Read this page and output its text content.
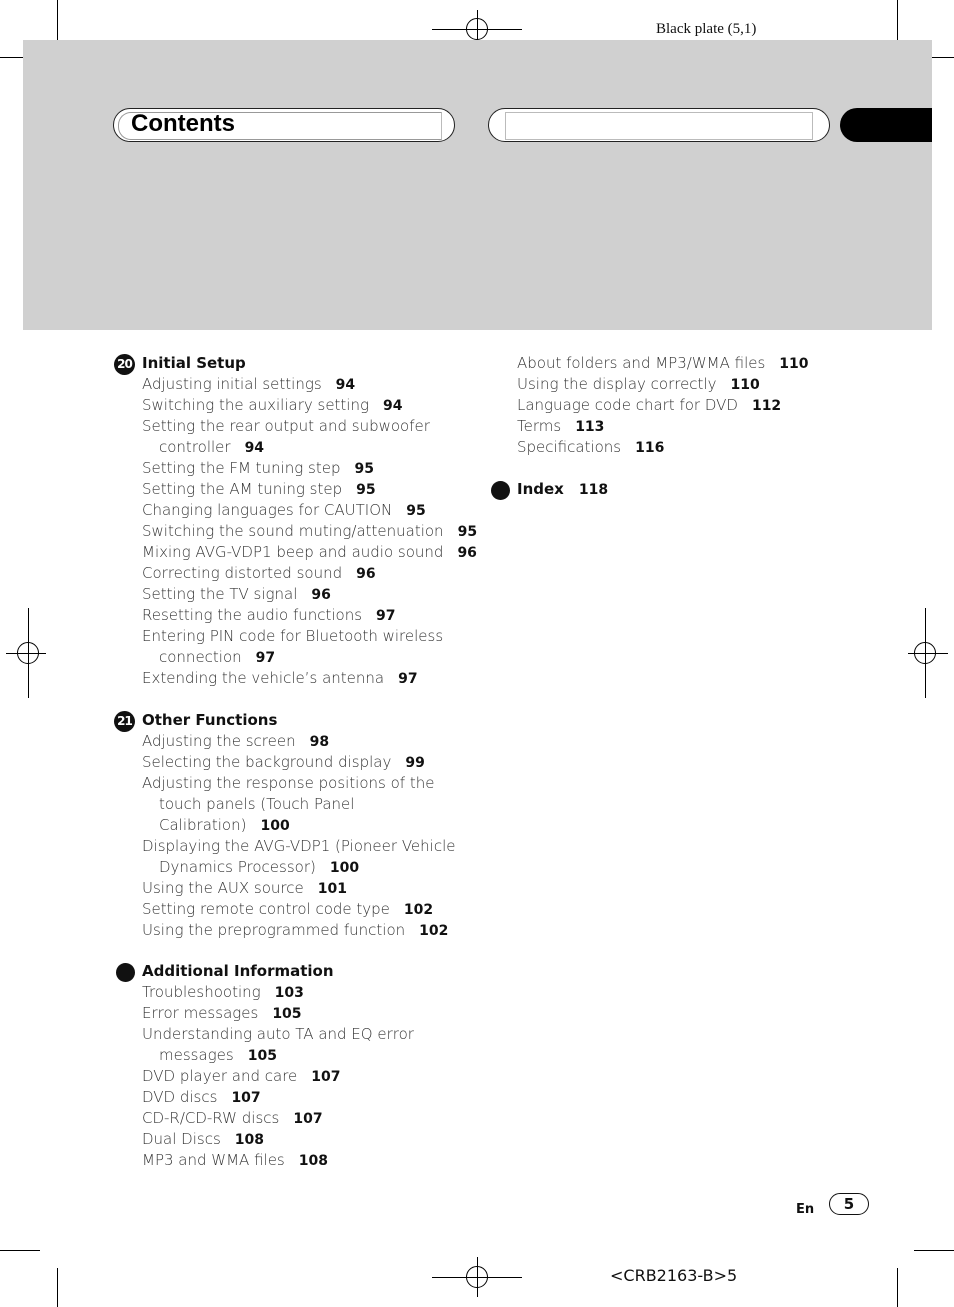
Black plate (5,1)
Contents
20 Initial Setup
Adjusting initial settings 94
Switching the auxiliary setting 94
Setting the rear output and subwoofer
controller 94
Setting the FM tuning step 95
Setting the AM tuning step 95
Changing languages for CAUTION 95
Switching the sound muting/attenuation 95
Mixing AVG-VDP1 beep and audio sound 96
Correcting distorted sound 96
Setting the TV signal 96
Resetting the audio functions 97
Entering PIN code for Bluetooth wireless
connection 97
Extending the vehicle’s antenna 97
21 Other Functions
Adjusting the screen 98
Selecting the background display 99
Adjusting the response positions of the
touch panels (Touch Panel
Calibration) 100
Displaying the AVG-VDP1 (Pioneer Vehicle
Dynamics Processor) 100
Using the AUX source 101
Setting remote control code type 102
Using the preprogrammed function 102
Additional Information
Troubleshooting 103
Error messages 105
Understanding auto TA and EQ error
messages 105
DVD player and care 107
DVD discs 107
CD-R/CD-RW discs 107
Dual Discs 108
MP3 and WMA files 108
About folders and MP3/WMA files 110
Using the display correctly 110
Language code chart for DVD 112
Terms 113
Specifications 116
Index 118
En	5
<CRB2163-B>5
